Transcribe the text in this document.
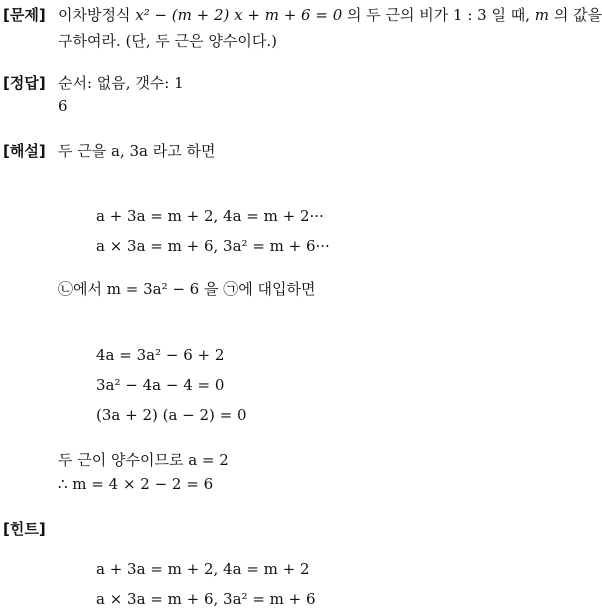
[문제] 이차방정식 x² − (m + 2) x + m + 6 = 0 의 두 근의 비가 1 : 3 일 때, m 의 값을
구하여라. (단, 두 근은 양수이다.)
[정답] 순서: 없음, 갯수: 1
6
[해설] 두 근을 a, 3a 라고 하면
a + 3a = m + 2, 4a = m + 2···
a × 3a = m + 6, 3a² = m + 6···
㉡에서 m = 3a² − 6 을 ㉠에 대입하면
4a = 3a² − 6 + 2
3a² − 4a − 4 = 0
(3a + 2) (a − 2) = 0
두 근이 양수이므로 a = 2
∴ m = 4 × 2 − 2 = 6
[힌트]
a + 3a = m + 2, 4a = m + 2
a × 3a = m + 6, 3a² = m + 6
